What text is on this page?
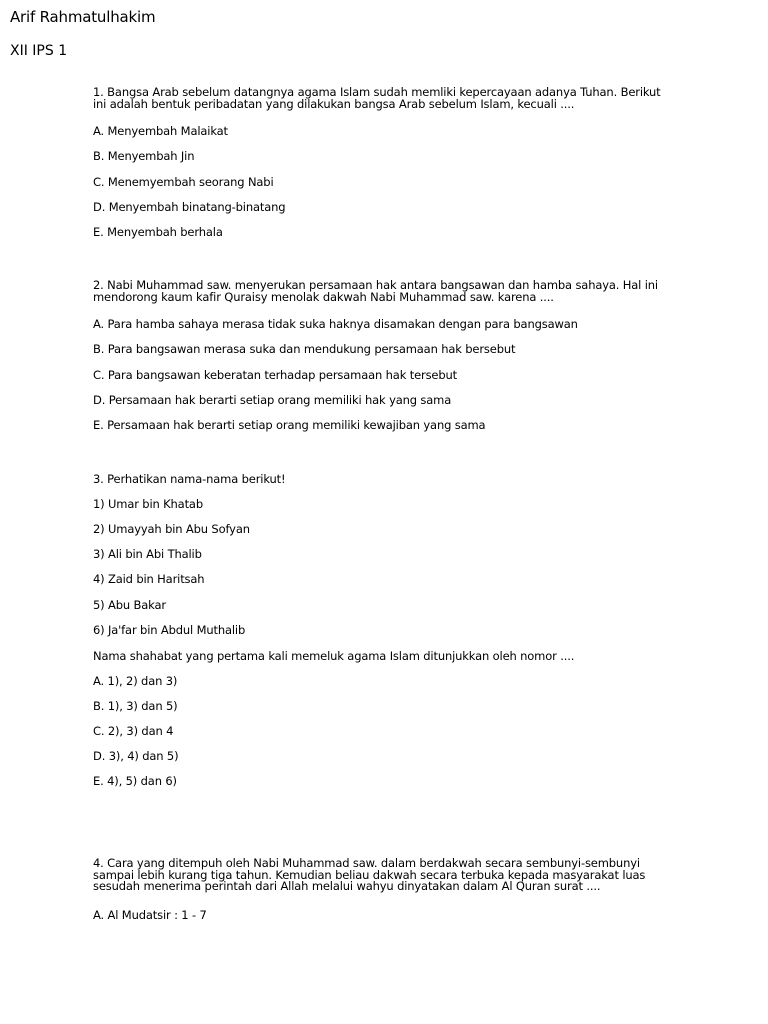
Arif Rahmatulhakim
XII IPS 1
1. Bangsa Arab sebelum datangnya agama Islam sudah memliki kepercayaan adanya Tuhan. Berikut
ini adalah bentuk peribadatan yang dilakukan bangsa Arab sebelum Islam, kecuali ....
A. Menyembah Malaikat
B. Menyembah Jin
C. Menemyembah seorang Nabi
D. Menyembah binatang-binatang
E. Menyembah berhala
2. Nabi Muhammad saw. menyerukan persamaan hak antara bangsawan dan hamba sahaya. Hal ini
mendorong kaum kafir Quraisy menolak dakwah Nabi Muhammad saw. karena ....
A. Para hamba sahaya merasa tidak suka haknya disamakan dengan para bangsawan
B. Para bangsawan merasa suka dan mendukung persamaan hak bersebut
C. Para bangsawan keberatan terhadap persamaan hak tersebut
D. Persamaan hak berarti setiap orang memiliki hak yang sama
E. Persamaan hak berarti setiap orang memiliki kewajiban yang sama
3. Perhatikan nama-nama berikut!
1) Umar bin Khatab
2) Umayyah bin Abu Sofyan
3) Ali bin Abi Thalib
4) Zaid bin Haritsah
5) Abu Bakar
6) Ja'far bin Abdul Muthalib
Nama shahabat yang pertama kali memeluk agama Islam ditunjukkan oleh nomor ....
A. 1), 2) dan 3)
B. 1), 3) dan 5)
C. 2), 3) dan 4
D. 3), 4) dan 5)
E. 4), 5) dan 6)
4. Cara yang ditempuh oleh Nabi Muhammad saw. dalam berdakwah secara sembunyi-sembunyi
sampai lebih kurang tiga tahun. Kemudian beliau dakwah secara terbuka kepada masyarakat luas
sesudah menerima perintah dari Allah melalui wahyu dinyatakan dalam Al Quran surat ....
A. Al Mudatsir : 1 - 7
